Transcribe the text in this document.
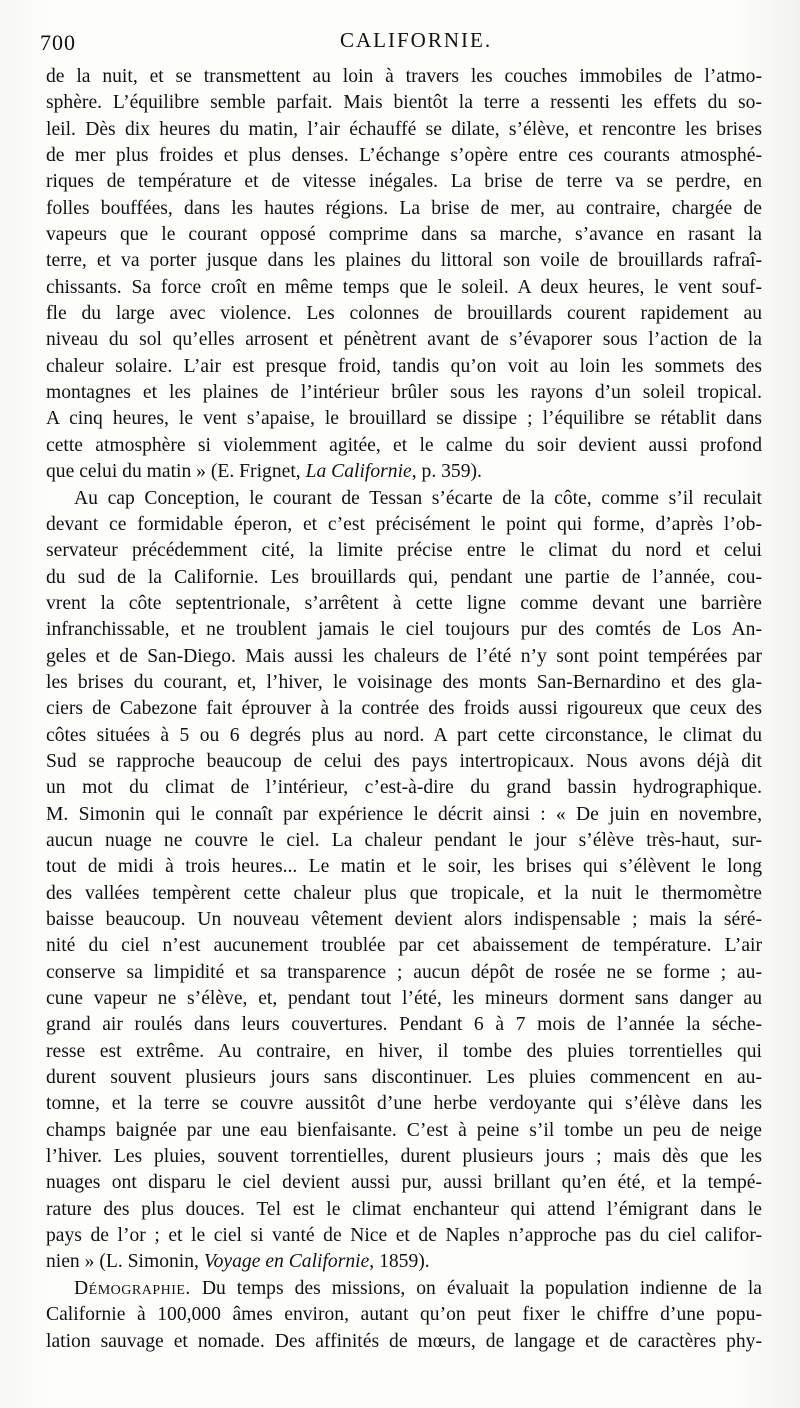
700	CALIFORNIE.
de la nuit, et se transmettent au loin à travers les couches immobiles de l’atmo-
sphère. L’équilibre semble parfait. Mais bientôt la terre a ressenti les effets du so-
leil. Dès dix heures du matin, l’air échauffé se dilate, s’élève, et rencontre les brises
de mer plus froides et plus denses. L’échange s’opère entre ces courants atmosphé-
riques de température et de vitesse inégales. La brise de terre va se perdre, en
folles bouffées, dans les hautes régions. La brise de mer, au contraire, chargée de
vapeurs que le courant opposé comprime dans sa marche, s’avance en rasant la
terre, et va porter jusque dans les plaines du littoral son voile de brouillards rafraî-
chissants. Sa force croît en même temps que le soleil. A deux heures, le vent souf-
fle du large avec violence. Les colonnes de brouillards courent rapidement au
niveau du sol qu’elles arrosent et pénètrent avant de s’évaporer sous l’action de la
chaleur solaire. L’air est presque froid, tandis qu’on voit au loin les sommets des
montagnes et les plaines de l’intérieur brûler sous les rayons d’un soleil tropical.
A cinq heures, le vent s’apaise, le brouillard se dissipe ; l’équilibre se rétablit dans
cette atmosphère si violemment agitée, et le calme du soir devient aussi profond
que celui du matin » (E. Frignet, La Californie, p. 359).
Au cap Conception, le courant de Tessan s’écarte de la côte, comme s’il reculait
devant ce formidable éperon, et c’est précisément le point qui forme, d’après l’ob-
servateur précédemment cité, la limite précise entre le climat du nord et celui
du sud de la Californie. Les brouillards qui, pendant une partie de l’année, cou-
vrent la côte septentrionale, s’arrêtent à cette ligne comme devant une barrière
infranchissable, et ne troublent jamais le ciel toujours pur des comtés de Los An-
geles et de San-Diego. Mais aussi les chaleurs de l’été n’y sont point tempérées par
les brises du courant, et, l’hiver, le voisinage des monts San-Bernardino et des gla-
ciers de Cabezone fait éprouver à la contrée des froids aussi rigoureux que ceux des
côtes situées à 5 ou 6 degrés plus au nord. A part cette circonstance, le climat du
Sud se rapproche beaucoup de celui des pays intertropicaux. Nous avons déjà dit
un mot du climat de l’intérieur, c’est-à-dire du grand bassin hydrographique.
M. Simonin qui le connaît par expérience le décrit ainsi : « De juin en novembre,
aucun nuage ne couvre le ciel. La chaleur pendant le jour s’élève très-haut, sur-
tout de midi à trois heures... Le matin et le soir, les brises qui s’élèvent le long
des vallées tempèrent cette chaleur plus que tropicale, et la nuit le thermomètre
baisse beaucoup. Un nouveau vêtement devient alors indispensable ; mais la séré-
nité du ciel n’est aucunement troublée par cet abaissement de température. L’air
conserve sa limpidité et sa transparence ; aucun dépôt de rosée ne se forme ; au-
cune vapeur ne s’élève, et, pendant tout l’été, les mineurs dorment sans danger au
grand air roulés dans leurs couvertures. Pendant 6 à 7 mois de l’année la séche-
resse est extrême. Au contraire, en hiver, il tombe des pluies torrentielles qui
durent souvent plusieurs jours sans discontinuer. Les pluies commencent en au-
tomne, et la terre se couvre aussitôt d’une herbe verdoyante qui s’élève dans les
champs baignée par une eau bienfaisante. C’est à peine s’il tombe un peu de neige
l’hiver. Les pluies, souvent torrentielles, durent plusieurs jours ; mais dès que les
nuages ont disparu le ciel devient aussi pur, aussi brillant qu’en été, et la tempé-
rature des plus douces. Tel est le climat enchanteur qui attend l’émigrant dans le
pays de l’or ; et le ciel si vanté de Nice et de Naples n’approche pas du ciel califor-
nien » (L. Simonin, Voyage en Californie, 1859).
Démographie. Du temps des missions, on évaluait la population indienne de la
Californie à 100,000 âmes environ, autant qu’on peut fixer le chiffre d’une popu-
lation sauvage et nomade. Des affinités de mœurs, de langage et de caractères phy-
